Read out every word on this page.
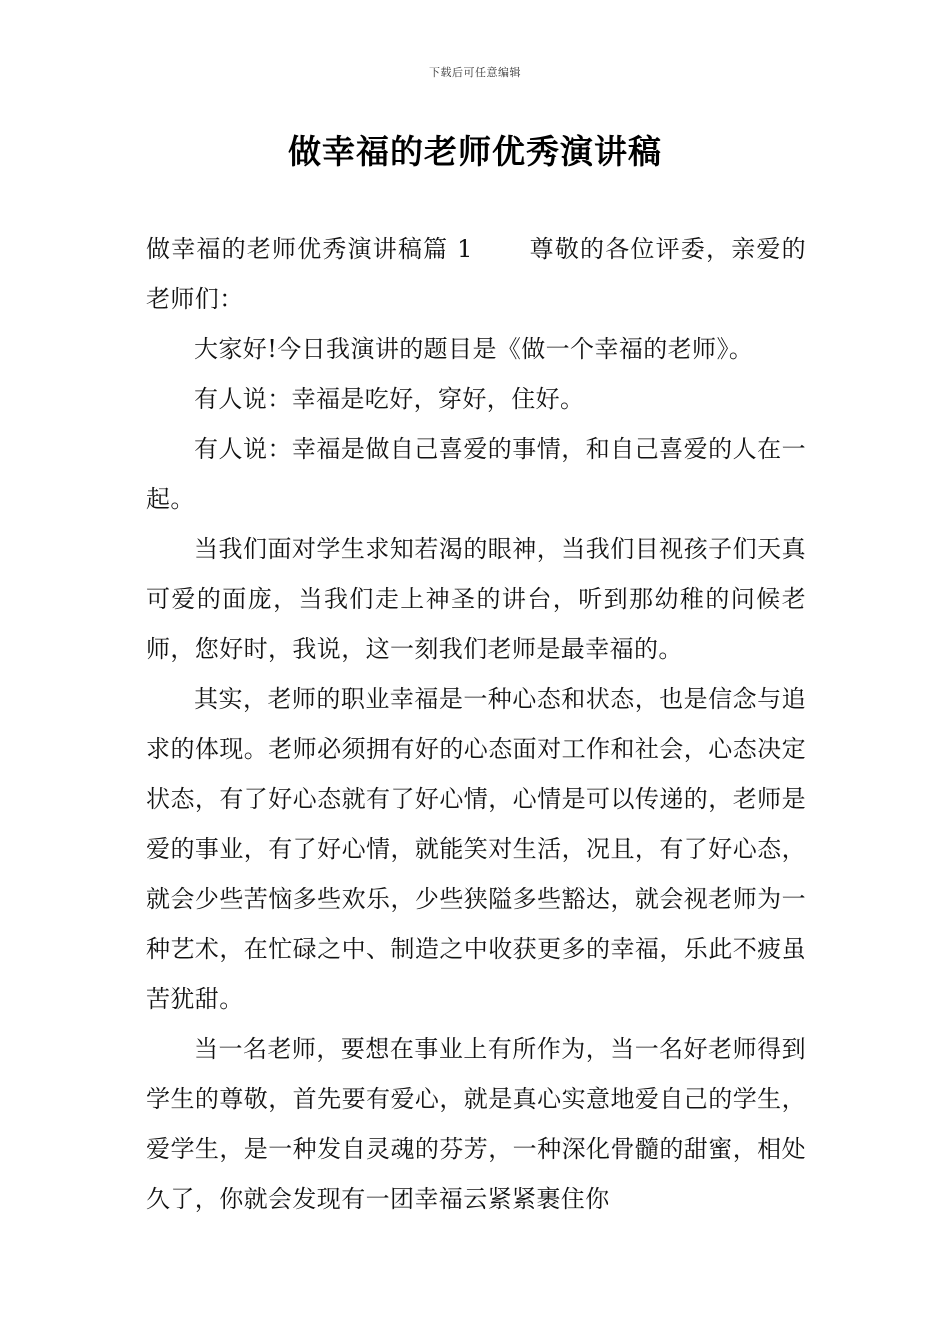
下载后可任意编辑
做幸福的老师优秀演讲稿

做幸福的老师优秀演讲稿篇 1 尊敬的各位评委，亲爱的老师们：

大家好!今日我演讲的题目是《做一个幸福的老师》。

有人说：幸福是吃好，穿好，住好。

有人说：幸福是做自己喜爱的事情，和自己喜爱的人在一起。

当我们面对学生求知若渴的眼神，当我们目视孩子们天真可爱的面庞，当我们走上神圣的讲台，听到那幼稚的问候老师，您好时，我说，这一刻我们老师是最幸福的。

其实，老师的职业幸福是一种心态和状态，也是信念与追求的体现。老师必须拥有好的心态面对工作和社会，心态决定状态，有了好心态就有了好心情，心情是可以传递的，老师是爱的事业，有了好心情，就能笑对生活，况且，有了好心态，就会少些苦恼多些欢乐，少些狭隘多些豁达，就会视老师为一种艺术，在忙碌之中、制造之中收获更多的幸福，乐此不疲虽苦犹甜。

当一名老师，要想在事业上有所作为，当一名好老师得到学生的尊敬，首先要有爱心，就是真心实意地爱自己的学生，爱学生，是一种发自灵魂的芬芳，一种深化骨髓的甜蜜，相处久了，你就会发现有一团幸福云紧紧裹住你
